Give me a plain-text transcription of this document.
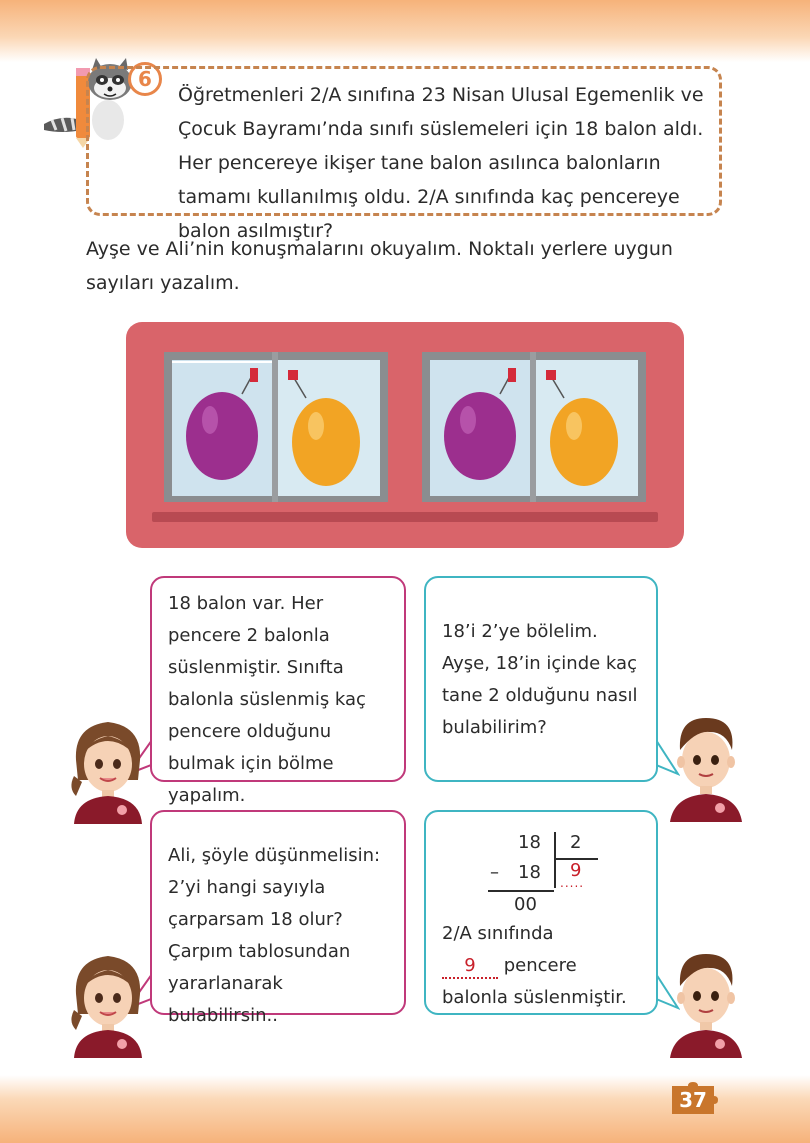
6
Öğretmenleri 2/A sınıfına 23 Nisan Ulusal Egemenlik ve Çocuk Bayramı’nda sınıfı süslemeleri için 18 balon aldı. Her pencereye ikişer tane balon asılınca balonların tamamı kullanılmış oldu. 2/A sınıfında kaç pencereye balon asılmıştır?
Ayşe ve Ali’nin konuşmalarını okuyalım. Noktalı yerlere uygun sayıları yazalım.
18 balon var. Her pencere 2 balonla süslenmiştir. Sınıfta balonla süslenmiş kaç pencere olduğunu bulmak için bölme yapalım.
18’i 2’ye bölelim. Ayşe, 18’in içinde kaç tane 2 olduğunu nasıl bulabilirim?
Ali, şöyle düşünmelisin: 2’yi hangi sayıyla çarparsam 18 olur? Çarpım tablosundan yararlanarak bulabilirsin..
2/A sınıfında
9 pencere balonla süslenmiştir.
18 2
– 18 9
.....
00
37
